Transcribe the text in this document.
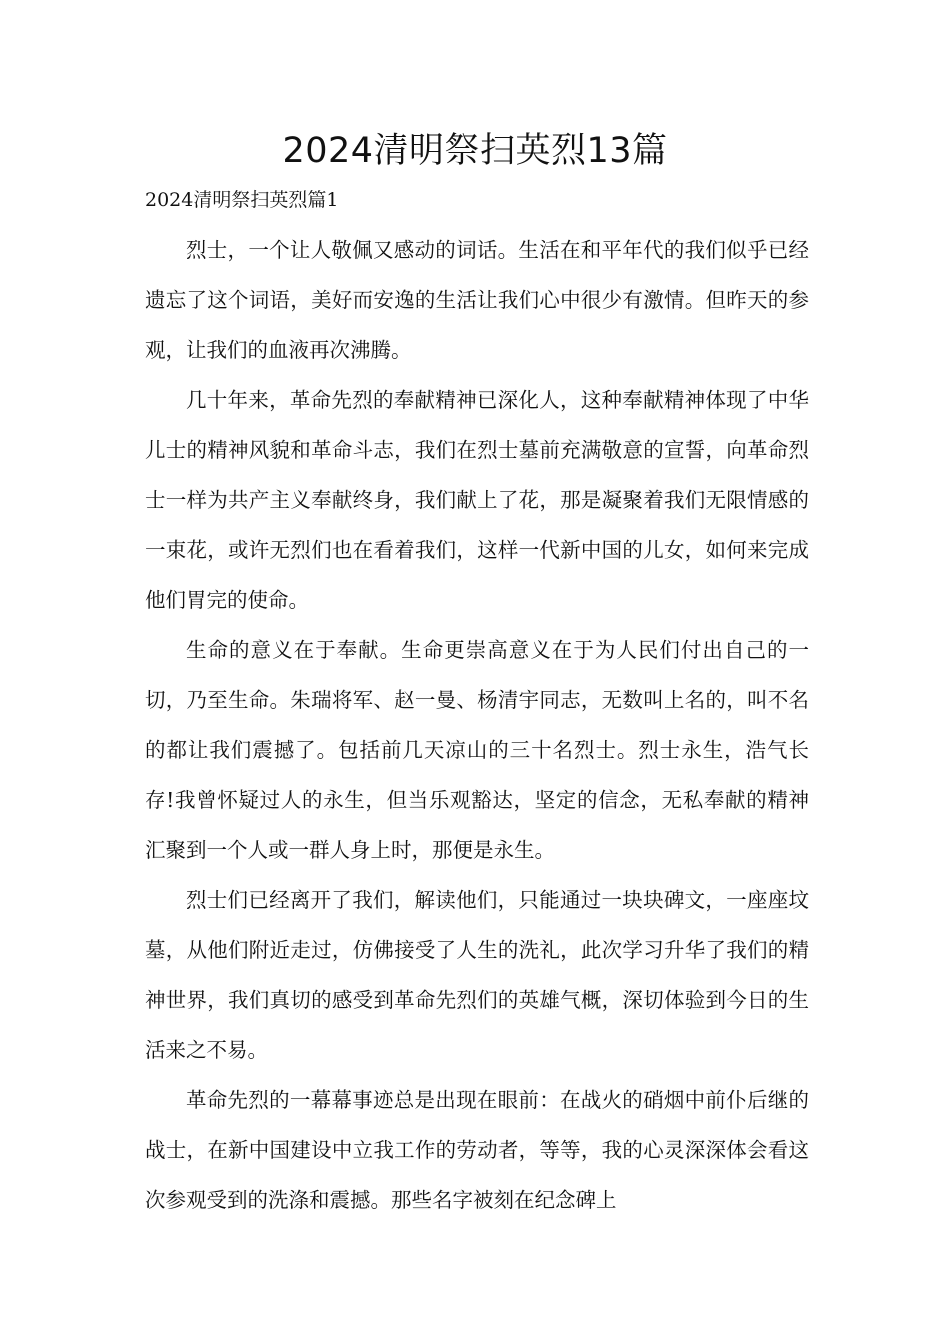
2024清明祭扫英烈13篇

2024清明祭扫英烈篇1

烈士，一个让人敬佩又感动的词话。生活在和平年代的我们似乎已经遗忘了这个词语，美好而安逸的生活让我们心中很少有激情。但昨天的参观，让我们的血液再次沸腾。

几十年来，革命先烈的奉献精神已深化人，这种奉献精神体现了中华儿士的精神风貌和革命斗志，我们在烈士墓前充满敬意的宣誓，向革命烈士一样为共产主义奉献终身，我们献上了花，那是凝聚着我们无限情感的一束花，或许无烈们也在看着我们，这样一代新中国的儿女，如何来完成他们胃完的使命。

生命的意义在于奉献。生命更崇高意义在于为人民们付出自己的一切，乃至生命。朱瑞将军、赵一曼、杨清宇同志，无数叫上名的，叫不名的都让我们震撼了。包括前几天凉山的三十名烈士。烈士永生，浩气长存!我曾怀疑过人的永生，但当乐观豁达，坚定的信念，无私奉献的精神汇聚到一个人或一群人身上时，那便是永生。

烈士们已经离开了我们，解读他们，只能通过一块块碑文，一座座坟墓，从他们附近走过，仿佛接受了人生的洗礼，此次学习升华了我们的精神世界，我们真切的感受到革命先烈们的英雄气概，深切体验到今日的生活来之不易。

革命先烈的一幕幕事迹总是出现在眼前：在战火的硝烟中前仆后继的战士，在新中国建设中立我工作的劳动者，等等，我的心灵深深体会看这次参观受到的洗涤和震撼。那些名字被刻在纪念碑上
